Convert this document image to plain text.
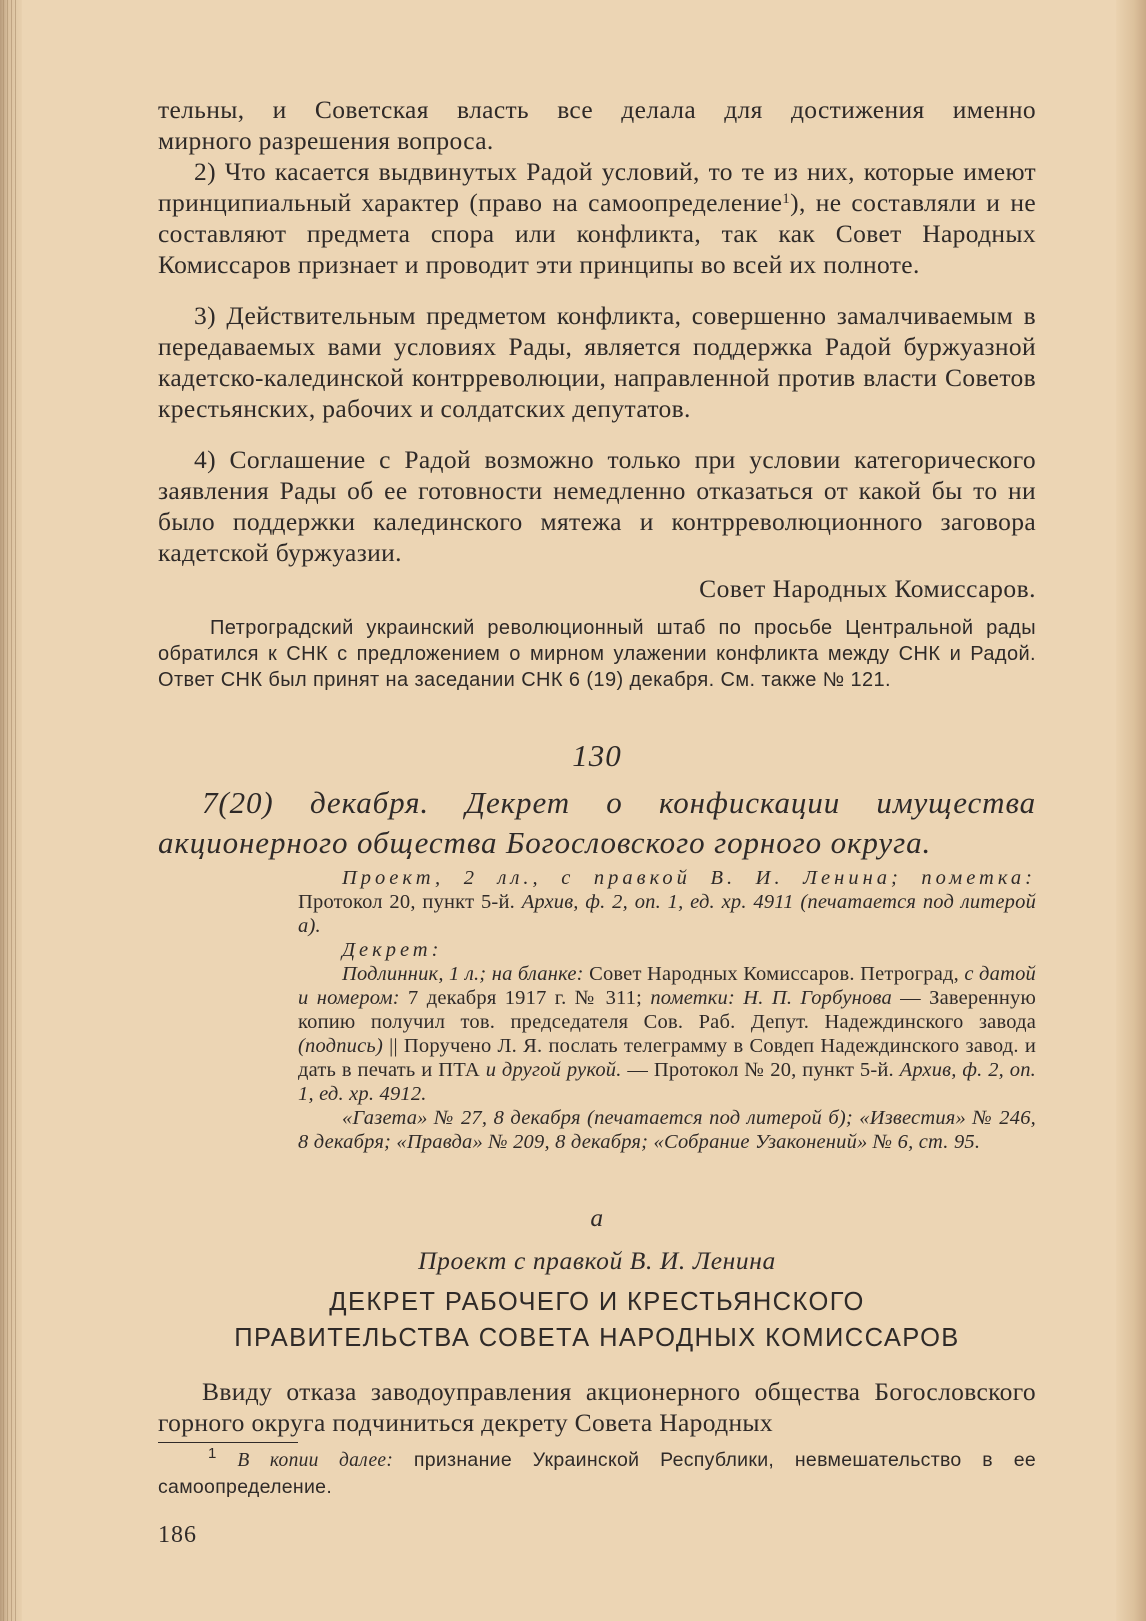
тельны, и Советская власть все делала для достижения именно

мирного разрешения вопроса.

2) Что касается выдвинутых Радой условий, то те из них, которые имеют принципиальный характер (право на самоопределение$^1$), не составляли и не составляют предмета спора или конфликта, так как Совет Народных Комиссаров признает и проводит эти принципы во всей их полноте.

3) Действительным предметом конфликта, совершенно замалчиваемым в передаваемых вами условиях Рады, является поддержка Радой буржуазной кадетско-калединской контрреволюции, направленной против власти Советов крестьянских, рабочих и солдатских депутатов.

4) Соглашение с Радой возможно только при условии категорического заявления Рады об ее готовности немедленно отказаться от какой бы то ни было поддержки калединского мятежа и контрреволюционного заговора кадетской буржуазии.

Совет Народных Комиссаров.

Петроградский украинский революционный штаб по просьбе Центральной рады обратился к СНК с предложением о мирном улажении конфликта между СНК и Радой. Ответ СНК был принят на заседании СНК 6 (19) декабря. См. также № 121.

130

7(20) декабря. Декрет о конфискации имущества
акционерного общества Богословского горного округа.

Проект, 2 лл., с правкой В. И. Ленина; пометка: Протокол 20, пункт 5-й. Архив, ф. 2, оп. 1, ед. хр. 4911 (печатается под литерой а).

Декрет:

Подлинник, 1 л.; на бланке: Совет Народных Комиссаров. Петроград, с датой и номером: 7 декабря 1917 г. № 311; пометки: Н. П. Горбунова — Заверенную копию получил тов. председателя Сов. Раб. Депут. Надеждинского завода (подпись) || Поручено Л. Я. послать телеграмму в Совдеп Надеждинского завод. и дать в печать и ПТА и другой рукой. — Протокол № 20, пункт 5-й. Архив, ф. 2, оп. 1, ед. хр. 4912.

«Газета» № 27, 8 декабря (печатается под литерой б); «Известия» № 246, 8 декабря; «Правда» № 209, 8 декабря; «Собрание Узаконений» № 6, ст. 95.

а
Проект с правкой В. И. Ленина

ДЕКРЕТ РАБОЧЕГО И КРЕСТЬЯНСКОГО

ПРАВИТЕЛЬСТВА СОВЕТА НАРОДНЫХ КОМИССАРОВ

Ввиду отказа заводоуправления акционерного общества Богословского горного округа подчиниться декрету Совета Народных

$^1$ В копии далее: признание Украинской Республики, невмешательство в ее самоопределение.

186
